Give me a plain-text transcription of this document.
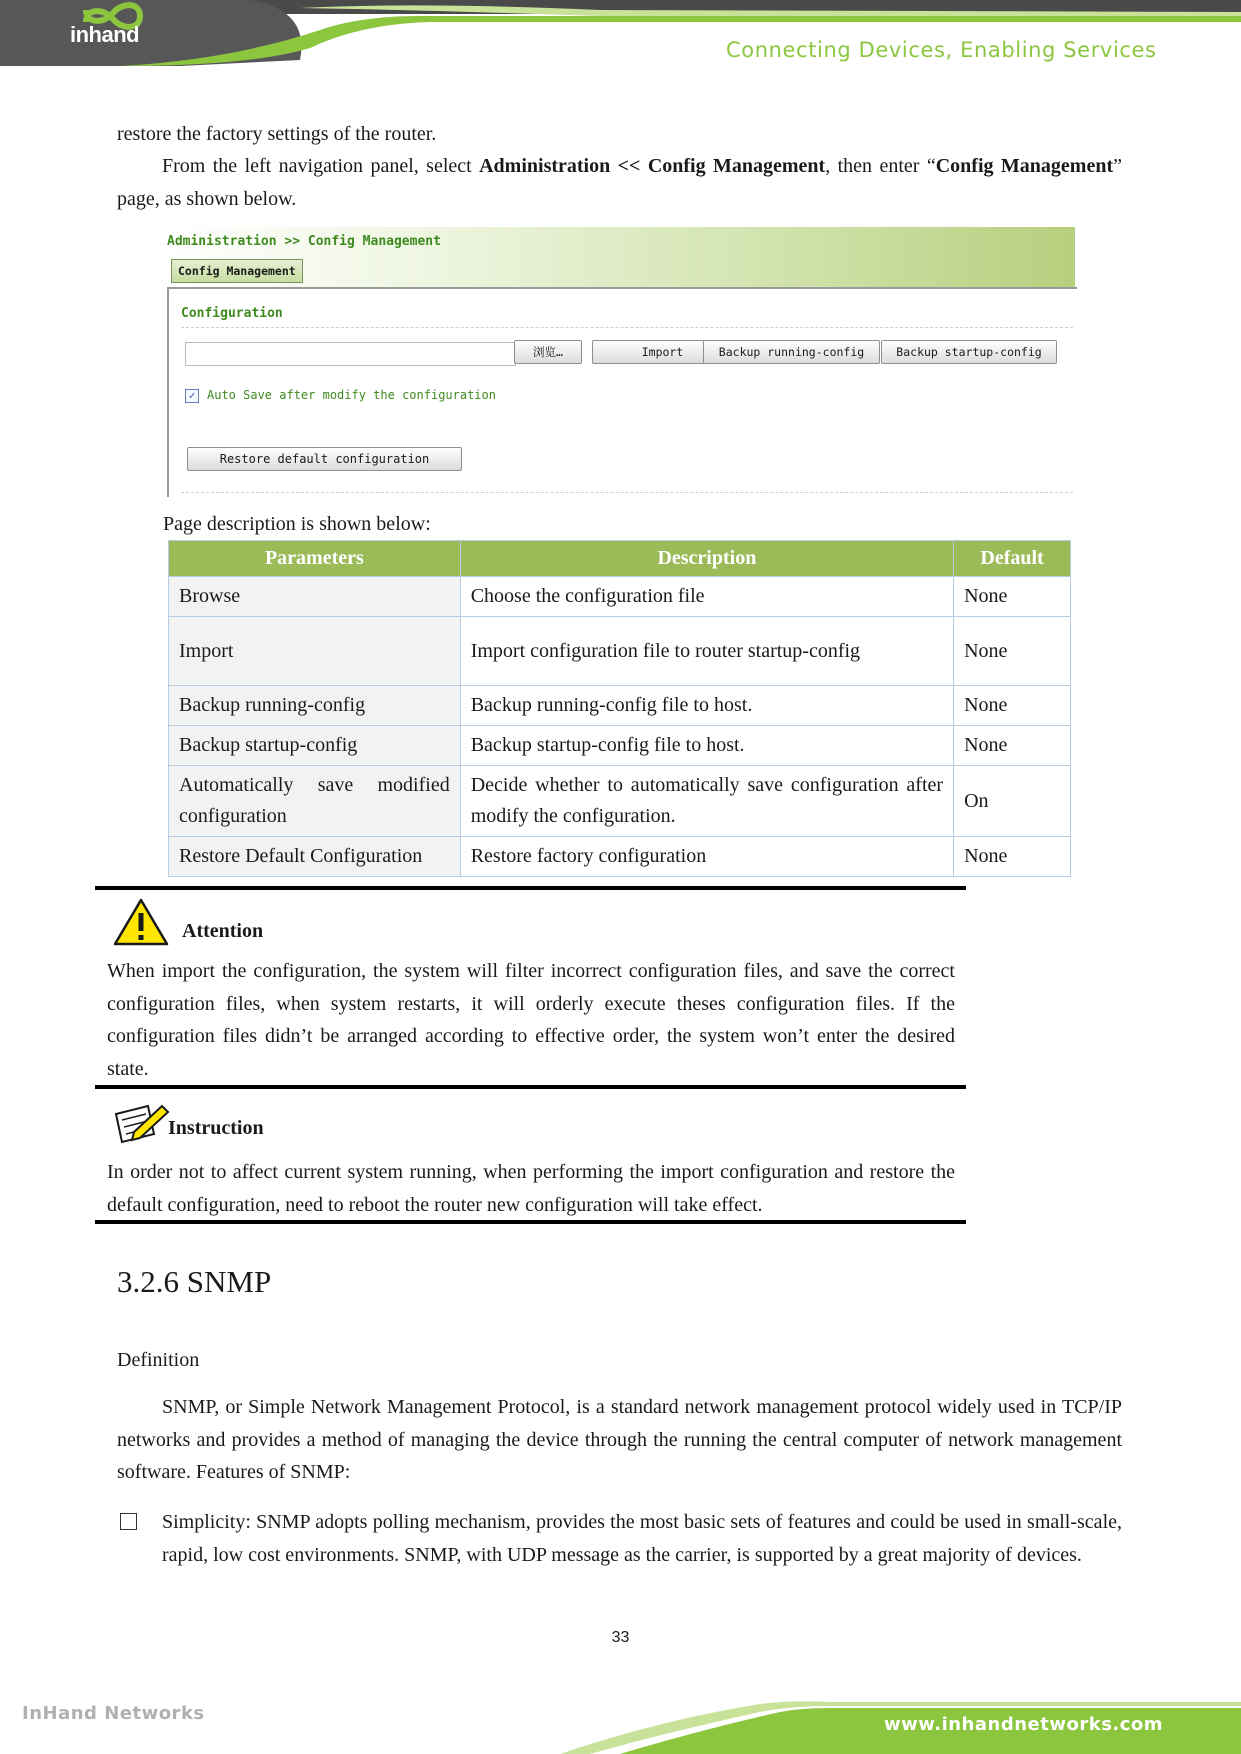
inhand
Connecting Devices, Enabling Services
restore the factory settings of the router.
From the left navigation panel, select Administration << Config Management, then enter “Config Management” page, as shown below.
Administration >> Config Management
Config Management
Configuration
浏览…	Import	Backup running-config	Backup startup-config
✓ Auto Save after modify the configuration
Restore default configuration
Page description is shown below:
Parameters	Description	Default
Browse	Choose the configuration file	None
Import	Import configuration file to router startup-config	None
Backup running-config	Backup running-config file to host.	None
Backup startup-config	Backup startup-config file to host.	None
Automatically save modified configuration	Decide whether to automatically save configuration after modify the configuration.	On
Restore Default Configuration	Restore factory configuration	None
Attention
When import the configuration, the system will filter incorrect configuration files, and save the correct configuration files, when system restarts, it will orderly execute theses configuration files. If the configuration files didn’t be arranged according to effective order, the system won’t enter the desired state.
Instruction
In order not to affect current system running, when performing the import configuration and restore the default configuration, need to reboot the router new configuration will take effect.
3.2.6 SNMP
Definition
SNMP, or Simple Network Management Protocol, is a standard network management protocol widely used in TCP/IP networks and provides a method of managing the device through the running the central computer of network management software. Features of SNMP:
Simplicity: SNMP adopts polling mechanism, provides the most basic sets of features and could be used in small-scale, rapid, low cost environments. SNMP, with UDP message as the carrier, is supported by a great majority of devices.
33
InHand Networks
www.inhandnetworks.com
